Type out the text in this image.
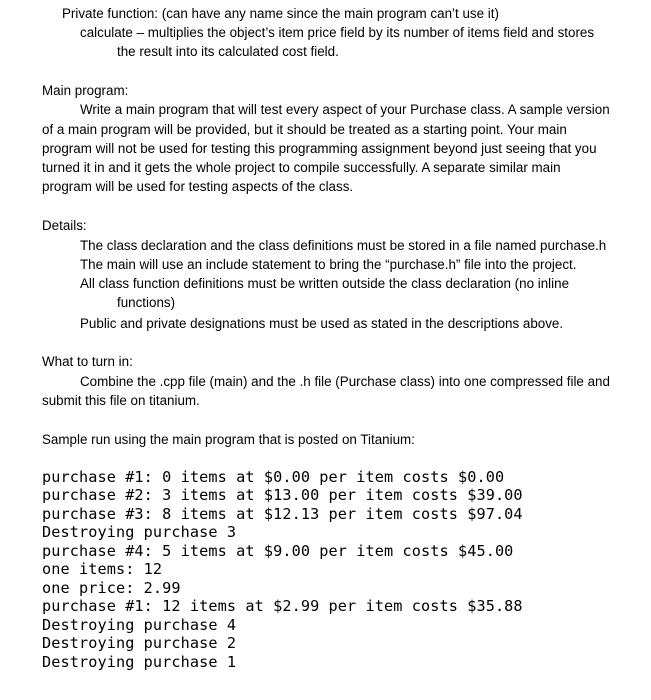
Private function: (can have any name since the main program can’t use it)
calculate – multiplies the object’s item price field by its number of items field and stores
the result into its calculated cost field.
Main program:
Write a main program that will test every aspect of your Purchase class. A sample version
of a main program will be provided, but it should be treated as a starting point. Your main
program will not be used for testing this programming assignment beyond just seeing that you
turned it in and it gets the whole project to compile successfully. A separate similar main
program will be used for testing aspects of the class.
Details:
The class declaration and the class definitions must be stored in a file named purchase.h
The main will use an include statement to bring the “purchase.h” file into the project.
All class function definitions must be written outside the class declaration (no inline
functions)
Public and private designations must be used as stated in the descriptions above.
What to turn in:
Combine the .cpp file (main) and the .h file (Purchase class) into one compressed file and
submit this file on titanium.
Sample run using the main program that is posted on Titanium:
purchase #1: 0 items at $0.00 per item costs $0.00
purchase #2: 3 items at $13.00 per item costs $39.00
purchase #3: 8 items at $12.13 per item costs $97.04
Destroying purchase 3
purchase #4: 5 items at $9.00 per item costs $45.00
one items: 12
one price: 2.99
purchase #1: 12 items at $2.99 per item costs $35.88
Destroying purchase 4
Destroying purchase 2
Destroying purchase 1
